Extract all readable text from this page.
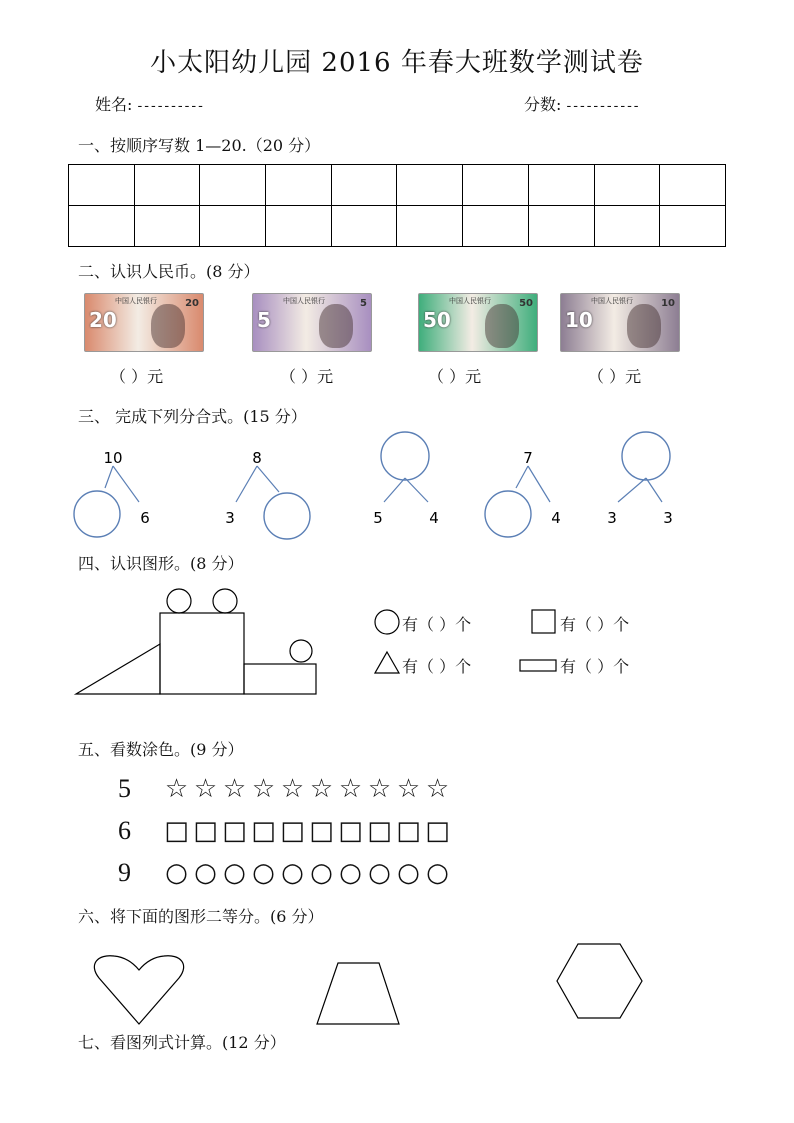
小太阳幼儿园 2016 年春大班数学测试卷
姓名: ----------	分数: -----------
一、按顺序写数 1—20.（20 分）

二、认识人民币。(8 分）
20
中国人民银行	20
（ ）元
5
中国人民银行	5
（ ）元
50
中国人民银行	50
（ ）元
10
中国人民银行	10
（ ）元
三、 完成下列分合式。(15 分）
10
6
8
3	5	4
7
4	3	3
四、认识图形。(8 分）
有（ ）个	有（ ）个
有（ ）个	有（ ）个
五、看数涂色。(9 分）
5 ☆ ☆ ☆ ☆ ☆ ☆ ☆ ☆ ☆ ☆
6 □ □ □ □ □ □ □ □ □ □
9 ○ ○ ○ ○ ○ ○ ○ ○ ○ ○
六、将下面的图形二等分。(6 分）
七、看图列式计算。(12 分）
